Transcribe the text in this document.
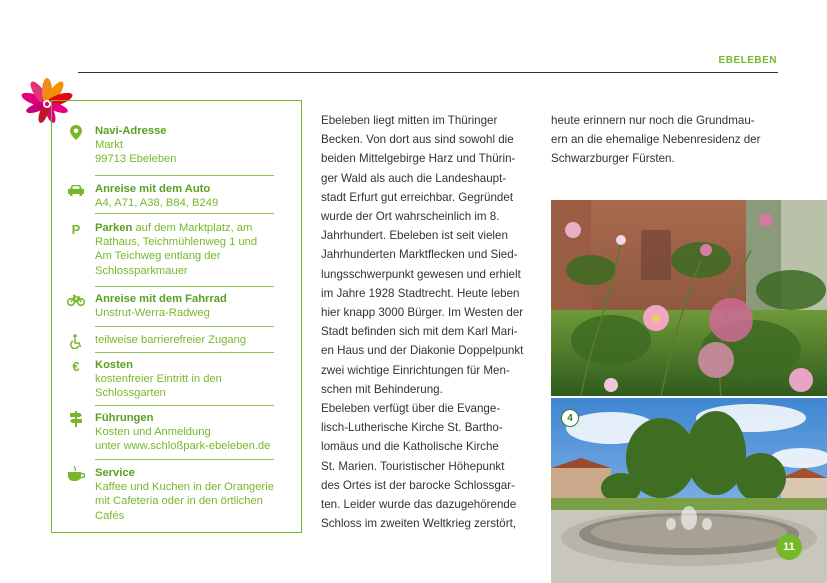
EBELEBEN
Navi-Adresse
Markt
99713 Ebeleben
Anreise mit dem Auto
A4, A71, A38, B84, B249
P	Parken auf dem Marktplatz, am
Rathaus, Teichmühlenweg 1 und
Am Teichweg entlang der
Schlossparkmauer
Anreise mit dem Fahrrad
Unstrut-Werra-Radweg
teilweise barrierefreier Zugang
€	Kosten
kostenfreier Eintritt in den
Schlossgarten
Führungen
Kosten und Anmeldung
unter www.schloßpark-ebeleben.de
Service
Kaffee und Kuchen in der Orangerie
mit Cafeteria oder in den örtlichen
Cafés
Ebeleben liegt mitten im Thüringer
Becken. Von dort aus sind sowohl die
beiden Mittelgebirge Harz und Thürin-
ger Wald als auch die Landeshaupt-
stadt Erfurt gut erreichbar. Gegründet
wurde der Ort wahrscheinlich im 8.
Jahrhundert. Ebeleben ist seit vielen
Jahrhunderten Marktflecken und Sied-
lungsschwerpunkt gewesen und erhielt
im Jahre 1928 Stadtrecht. Heute leben
hier knapp 3000 Bürger. Im Westen der
Stadt befinden sich mit dem Karl Mari-
en Haus und der Diakonie Doppelpunkt
zwei wichtige Einrichtungen für Men-
schen mit Behinderung.
Ebeleben verfügt über die Evange-
lisch-Lutherische Kirche St. Bartho-
lomäus und die Katholische Kirche
St. Marien. Touristischer Höhepunkt
des Ortes ist der barocke Schlossgar-
ten. Leider wurde das dazugehörende
Schloss im zweiten Weltkrieg zerstört,
heute erinnern nur noch die Grundmau-
ern an die ehemalige Nebenresidenz der
Schwarzburger Fürsten.
4
11
